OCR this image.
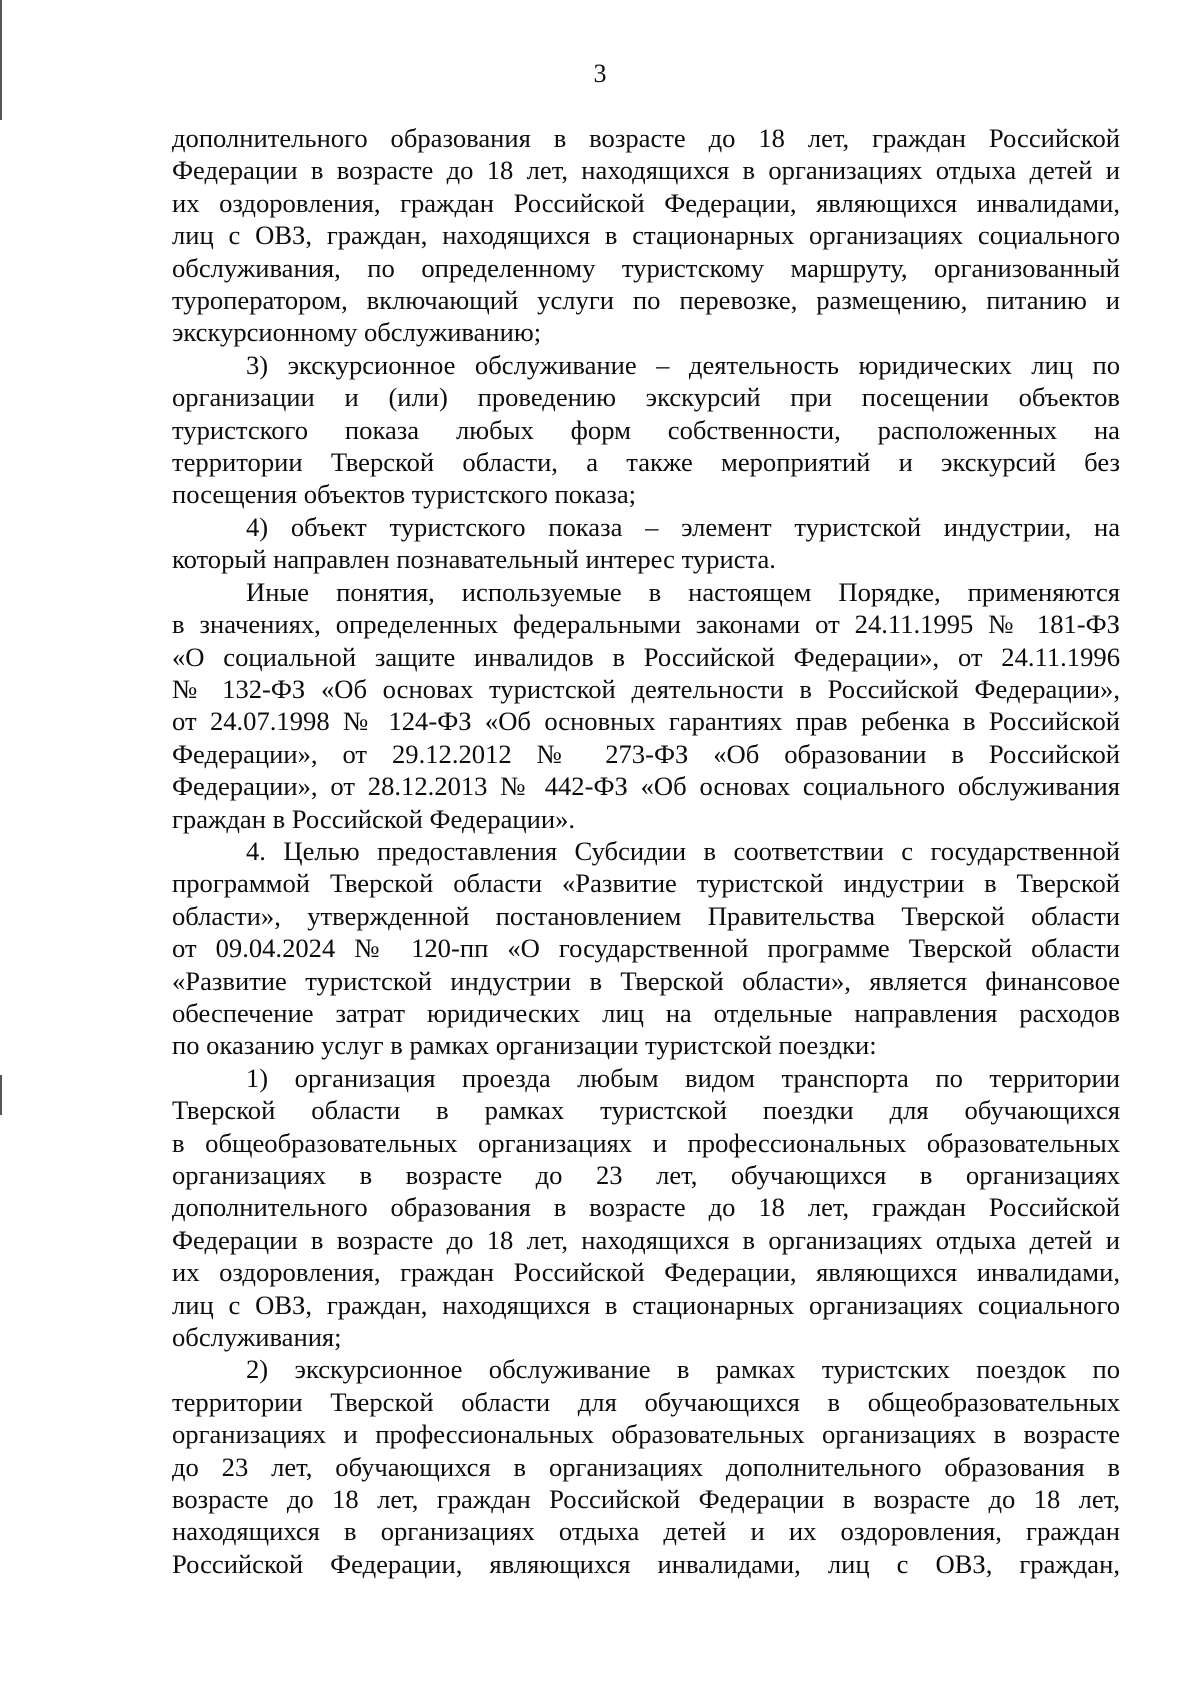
3

дополнительного образования в возрасте до 18 лет, граждан Российской

Федерации в возрасте до 18 лет, находящихся в организациях отдыха детей и

их оздоровления, граждан Российской Федерации, являющихся инвалидами,

лиц с ОВЗ, граждан, находящихся в стационарных организациях социального

обслуживания, по определенному туристскому маршруту, организованный

туроператором, включающий услуги по перевозке, размещению, питанию и

экскурсионному обслуживанию;

3) экскурсионное обслуживание – деятельность юридических лиц по

организации и (или) проведению экскурсий при посещении объектов

туристского показа любых форм собственности, расположенных на

территории Тверской области, а также мероприятий и экскурсий без

посещения объектов туристского показа;

4) объект туристского показа – элемент туристской индустрии, на

который направлен познавательный интерес туриста.

Иные понятия, используемые в настоящем Порядке, применяются

в значениях, определенных федеральными законами от 24.11.1995 № 181-ФЗ

«О социальной защите инвалидов в Российской Федерации», от 24.11.1996

№ 132-ФЗ «Об основах туристской деятельности в Российской Федерации»,

от 24.07.1998 № 124-ФЗ «Об основных гарантиях прав ребенка в Российской

Федерации», от 29.12.2012 № 273-ФЗ «Об образовании в Российской

Федерации», от 28.12.2013 № 442-ФЗ «Об основах социального обслуживания

граждан в Российской Федерации».

4. Целью предоставления Субсидии в соответствии с государственной

программой Тверской области «Развитие туристской индустрии в Тверской

области», утвержденной постановлением Правительства Тверской области

от 09.04.2024 № 120-пп «О государственной программе Тверской области

«Развитие туристской индустрии в Тверской области», является финансовое

обеспечение затрат юридических лиц на отдельные направления расходов

по оказанию услуг в рамках организации туристской поездки:

1) организация проезда любым видом транспорта по территории

Тверской области в рамках туристской поездки для обучающихся

в общеобразовательных организациях и профессиональных образовательных

организациях в возрасте до 23 лет, обучающихся в организациях

дополнительного образования в возрасте до 18 лет, граждан Российской

Федерации в возрасте до 18 лет, находящихся в организациях отдыха детей и

их оздоровления, граждан Российской Федерации, являющихся инвалидами,

лиц с ОВЗ, граждан, находящихся в стационарных организациях социального

обслуживания;

2) экскурсионное обслуживание в рамках туристских поездок по

территории Тверской области для обучающихся в общеобразовательных

организациях и профессиональных образовательных организациях в возрасте

до 23 лет, обучающихся в организациях дополнительного образования в

возрасте до 18 лет, граждан Российской Федерации в возрасте до 18 лет,

находящихся в организациях отдыха детей и их оздоровления, граждан

Российской Федерации, являющихся инвалидами, лиц с ОВЗ, граждан,
